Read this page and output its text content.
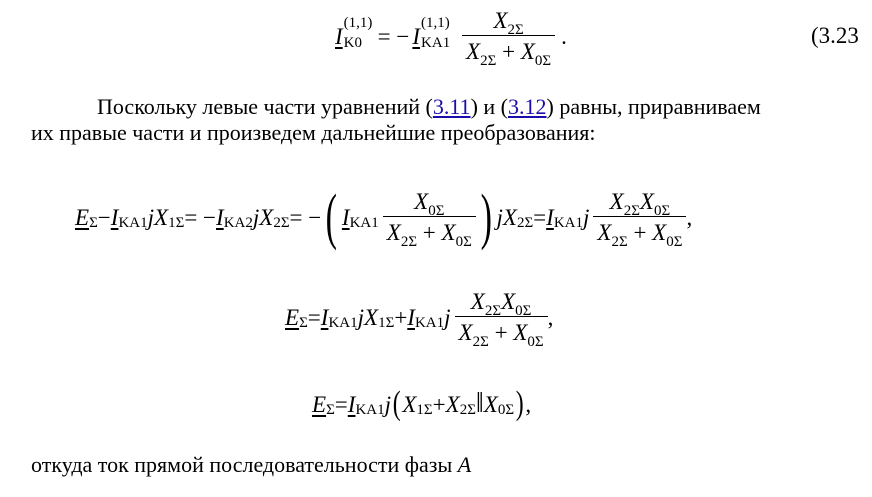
I
(1,1)
K0 = − I
(1,1)
$KA1 \frac{X_{2\Sigma}}{X_{2\Sigma} + X_{0\Sigma}}$ .	(3.23
Поскольку левые части уравнений (3.11) и (3.12) равны, приравниваем
их правые части и произведем дальнейшие преобразования:
E Σ − I KA1 jX 1Σ = − I KA2 jX 2Σ = − ( I $KA1 \frac{X_{0\Sigma}}{X_{2\Sigma} + X_{0\Sigma}}$ ) jX 2Σ = I KA1 j $\frac{X_{2\Sigma}X_{0\Sigma}}{X_{2\Sigma} + X_{0\Sigma}}$ ,
E Σ = I KA1 jX 1Σ + I KA1 j $\frac{X_{2\Sigma}X_{0\Sigma}}{X_{2\Sigma} + X_{0\Sigma}}$ ,
E Σ = I KA1 j ( X 1Σ + X 2Σ ‖ X 0Σ ) ,
откуда ток прямой последовательности фазы A
